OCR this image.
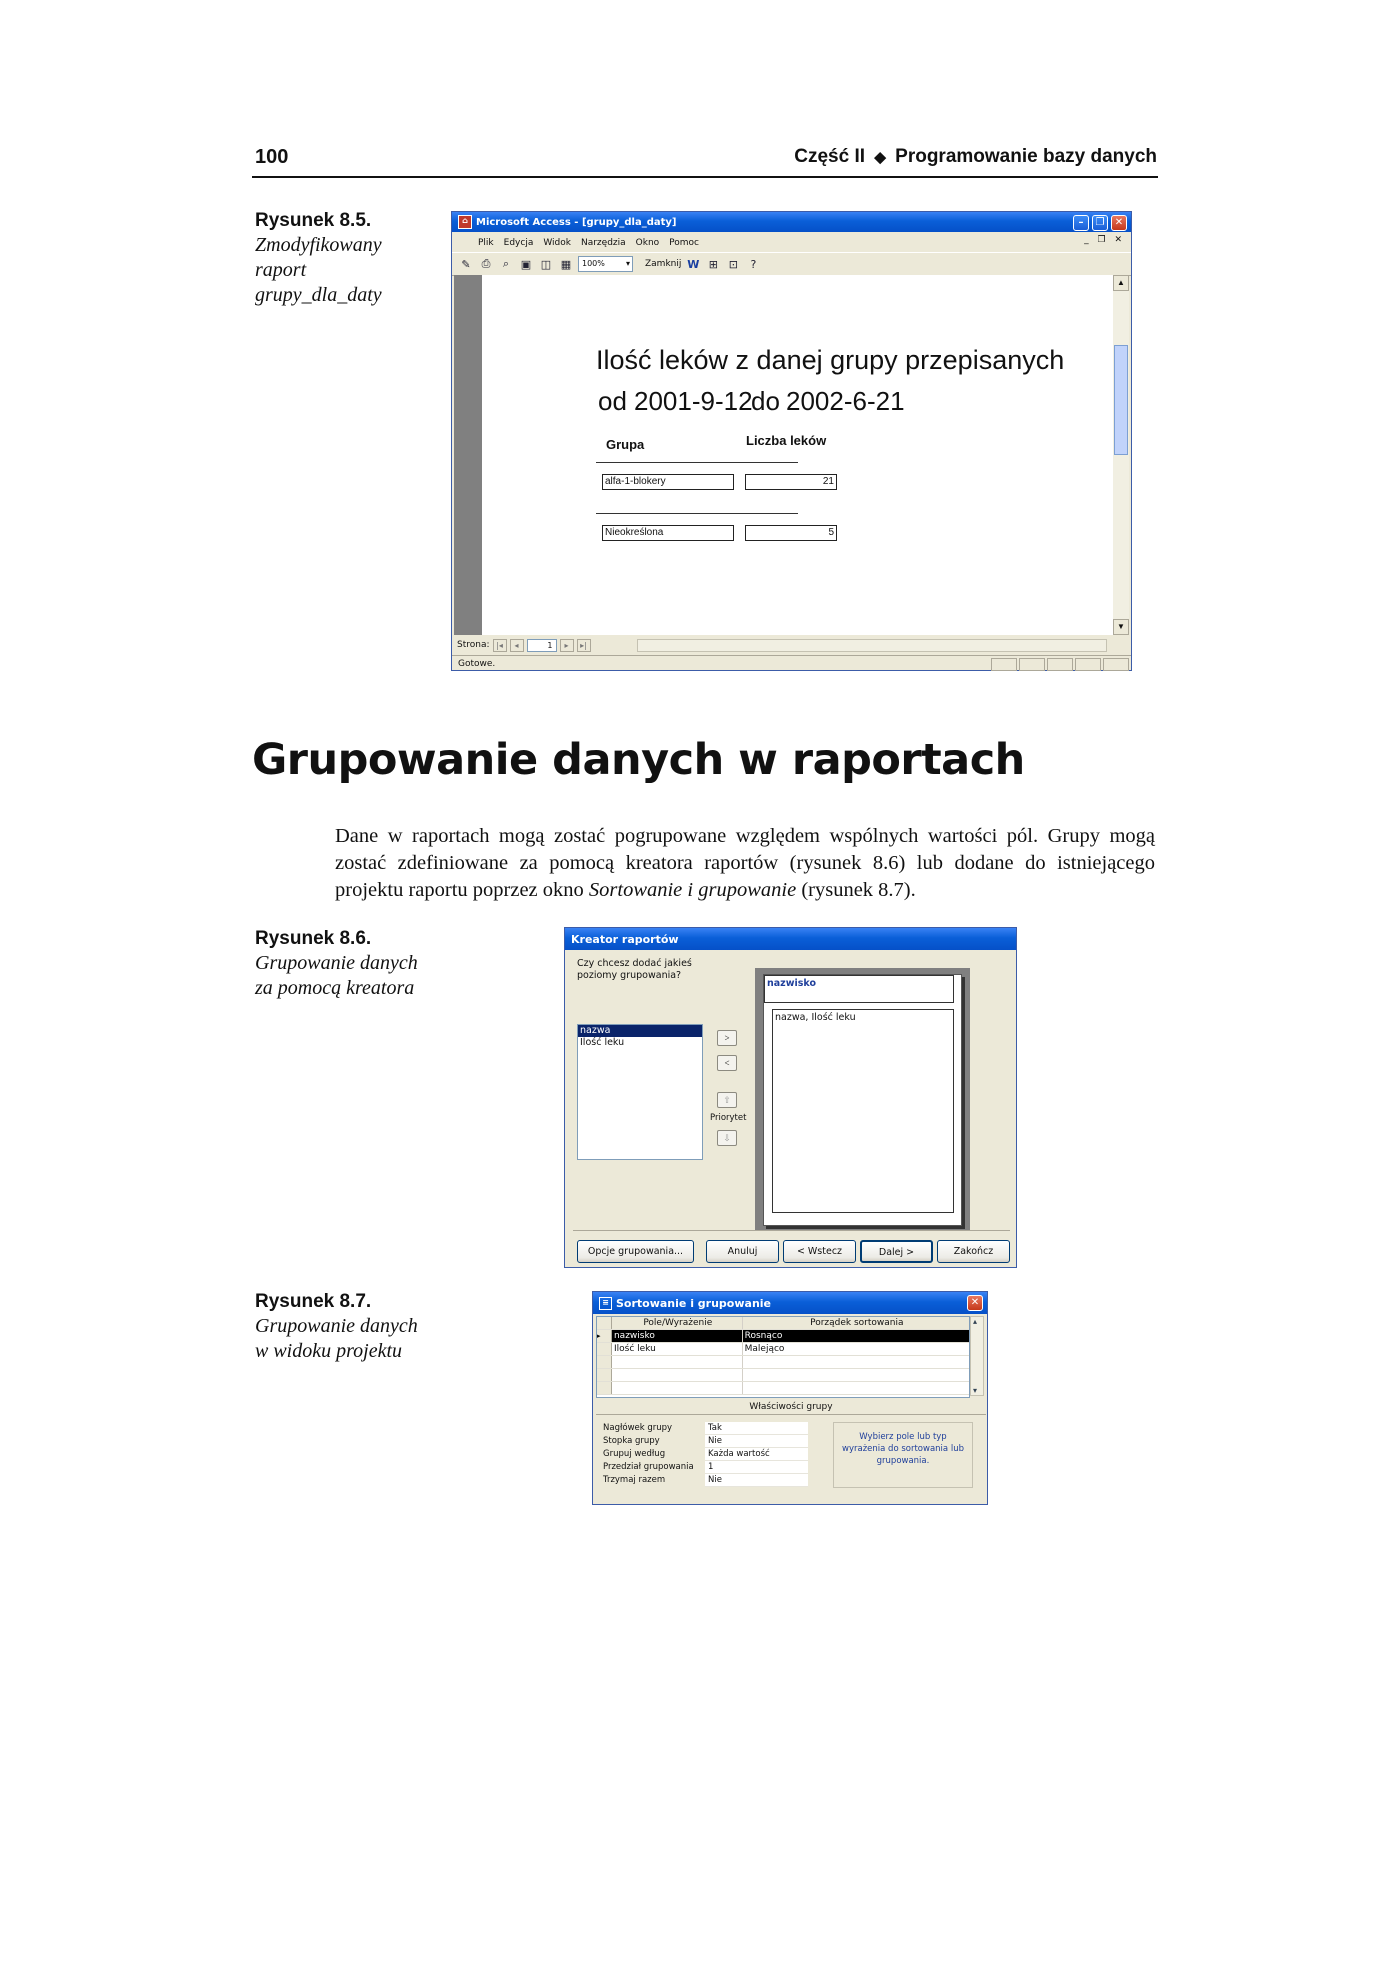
100	Część II ◆ Programowanie bazy danych
Rysunek 8.5.
Zmodyfikowany
raport
grupy_dla_daty
⌂ Microsoft Access - [grupy_dla_daty]	–	❐	✕
Plik Edycja Widok Narzędzia Okno Pomoc	_ ❐ ✕
✎ ⎙	⌕	▣ ◫ ▦	100% ▾	Zamknij W ⊞ ⊡	?
Ilość leków z danej grupy przepisanych
od 2001-9-12
do 2002-6-21
Grupa	Liczba leków
alfa-1-blokery	21
Nieokreślona	5
▲
▼
Strona: |◂	◂	1	▸	▸|
Gotowe.
Grupowanie danych w raportach
Dane w raportach mogą zostać pogrupowane względem wspólnych wartości pól. Grupy mogą zostać zdefiniowane za pomocą kreatora raportów (rysunek 8.6) lub dodane do istniejącego projektu raportu poprzez okno Sortowanie i grupowanie (rysunek 8.7).
Rysunek 8.6.
Grupowanie danych
za pomocą kreatora
Kreator raportów
Czy chcesz dodać jakieś poziomy grupowania?
nazwa
Ilość leku	>
<
⇧
Priorytet
⇩
nazwisko
nazwa, Ilość leku
Opcje grupowania...	Anuluj	< Wstecz	Dalej >	Zakończ
Rysunek 8.7.
Grupowanie danych
w widoku projektu
≡ Sortowanie i grupowanie	✕
Pole/Wyrażenie	Porządek sortowania
▸	nazwisko	Rosnąco
Ilość leku	Malejąco
▴
▾
Właściwości grupy
Nagłówek grupy	Tak
Stopka grupy	Nie
Grupuj według	Każda wartość
Przedział grupowania	1
Trzymaj razem	Nie
Wybierz pole lub typ wyrażenia do sortowania lub grupowania.
